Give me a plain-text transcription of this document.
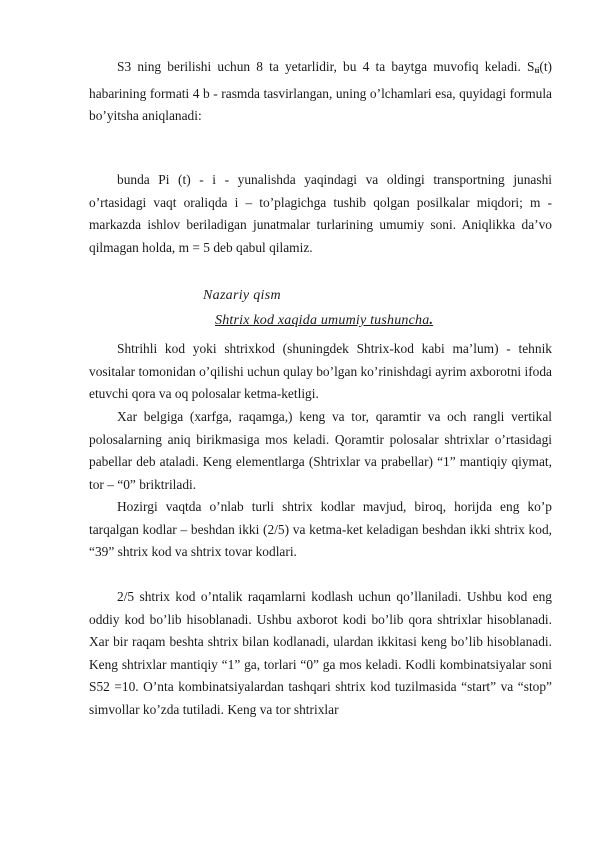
S3 ning berilishi uchun 8 ta yetarlidir, bu 4 ta baytga muvofiq keladi. $S_{ti}(t)$ habarining formati 4 b - rasmda tasvirlangan, uning o’lchamlari esa, quyidagi formula bo’yitsha aniqlanadi:

bunda Pi (t) - i - yunalishda yaqindagi va oldingi transportning junashi o’rtasidagi vaqt oraliqda i – to’plagichga tushib qolgan posilkalar miqdori; m - markazda ishlov beriladigan junatmalar turlarining umumiy soni. Aniqlikka da’vo qilmagan holda, m = 5 deb qabul qilamiz.

Nazariy qism
Shtrix kod xaqida umumiy tushuncha.

Shtrihli kod yoki shtrixkod (shuningdek Shtrix-kod kabi ma’lum) - tehnik vositalar tomonidan o’qilishi uchun qulay bo’lgan ko’rinishdagi ayrim axborotni ifoda etuvchi qora va oq polosalar ketma-ketligi.

Xar belgiga (xarfga, raqamga,) keng va tor, qaramtir va och rangli vertikal polosalarning aniq birikmasiga mos keladi. Qoramtir polosalar shtrixlar o’rtasidagi pabellar deb ataladi. Keng elementlarga (Shtrixlar va prabellar) “1” mantiqiy qiymat, tor – “0” briktriladi.

Hozirgi vaqtda o’nlab turli shtrix kodlar mavjud, biroq, horijda eng ko’p tarqalgan kodlar – beshdan ikki (2/5) va ketma-ket keladigan beshdan ikki shtrix kod, “39” shtrix kod va shtrix tovar kodlari.

2/5 shtrix kod o’ntalik raqamlarni kodlash uchun qo’llaniladi. Ushbu kod eng oddiy kod bo’lib hisoblanadi. Ushbu axborot kodi bo’lib qora shtrixlar hisoblanadi. Xar bir raqam beshta shtrix bilan kodlanadi, ulardan ikkitasi keng bo’lib hisoblanadi. Keng shtrixlar mantiqiy “1” ga, torlari “0” ga mos keladi. Kodli kombinatsiyalar soni S52 =10. O’nta kombinatsiyalardan tashqari shtrix kod tuzilmasida “start” va “stop” simvollar ko’zda tutiladi. Keng va tor shtrixlar
